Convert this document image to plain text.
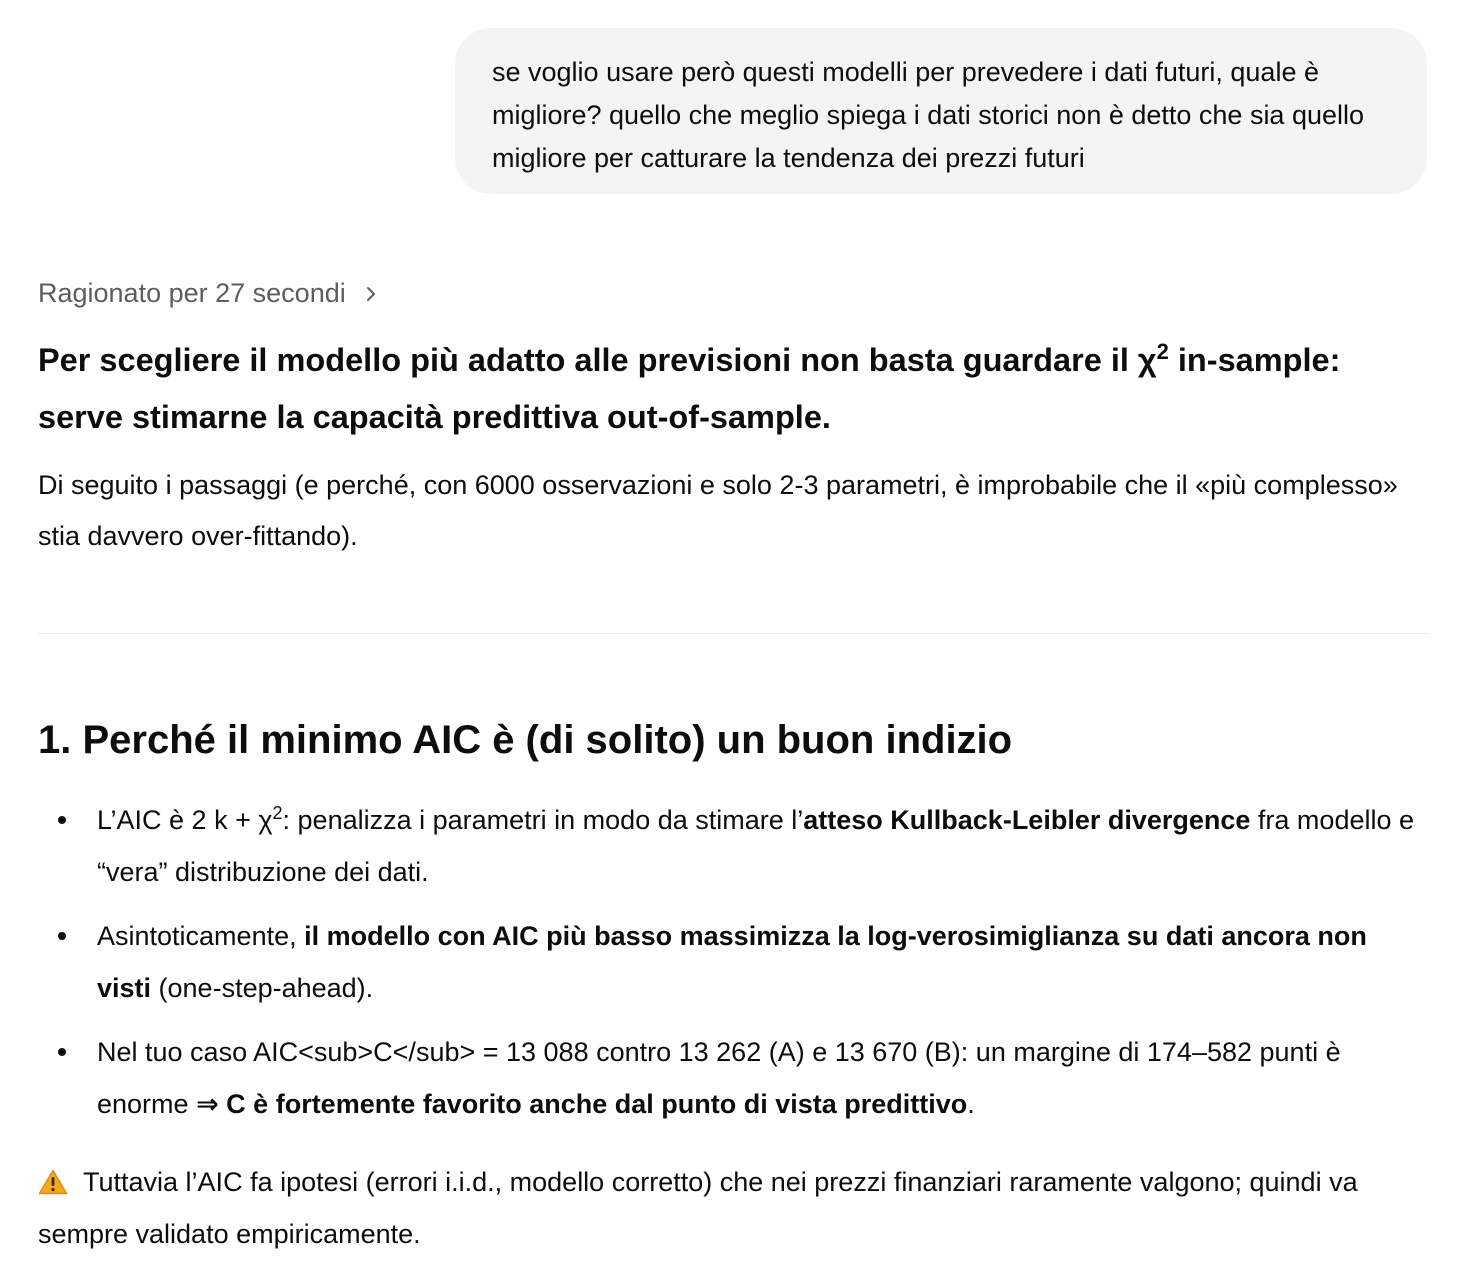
se voglio usare però questi modelli per prevedere i dati futuri, quale è migliore? quello che meglio spiega i dati storici non è detto che sia quello migliore per catturare la tendenza dei prezzi futuri
Ragionato per 27 secondi
Per scegliere il modello più adatto alle previsioni non basta guardare il $\chi^2$ in-sample: serve stimarne la capacità predittiva out-of-sample.
Di seguito i passaggi (e perché, con 6000 osservazioni e solo 2-3 parametri, è improbabile che il «più complesso» stia davvero over-fittando).
1. Perché il minimo AIC è (di solito) un buon indizio
L’AIC è 2 $k + \chi^2$: penalizza i parametri in modo da stimare l’atteso Kullback-Leibler divergence fra modello e “vera” distribuzione dei dati.
Asintoticamente, il modello con AIC più basso massimizza la log-verosimiglianza su dati ancora non visti (one-step-ahead).
Nel tuo caso AIC<sub>C</sub> = 13 088 contro 13 262 (A) e 13 670 (B): un margine di 174–582 punti è enorme ⇒ C è fortemente favorito anche dal punto di vista predittivo.
Tuttavia l’AIC fa ipotesi (errori i.i.d., modello corretto) che nei prezzi finanziari raramente valgono; quindi va sempre validato empiricamente.
